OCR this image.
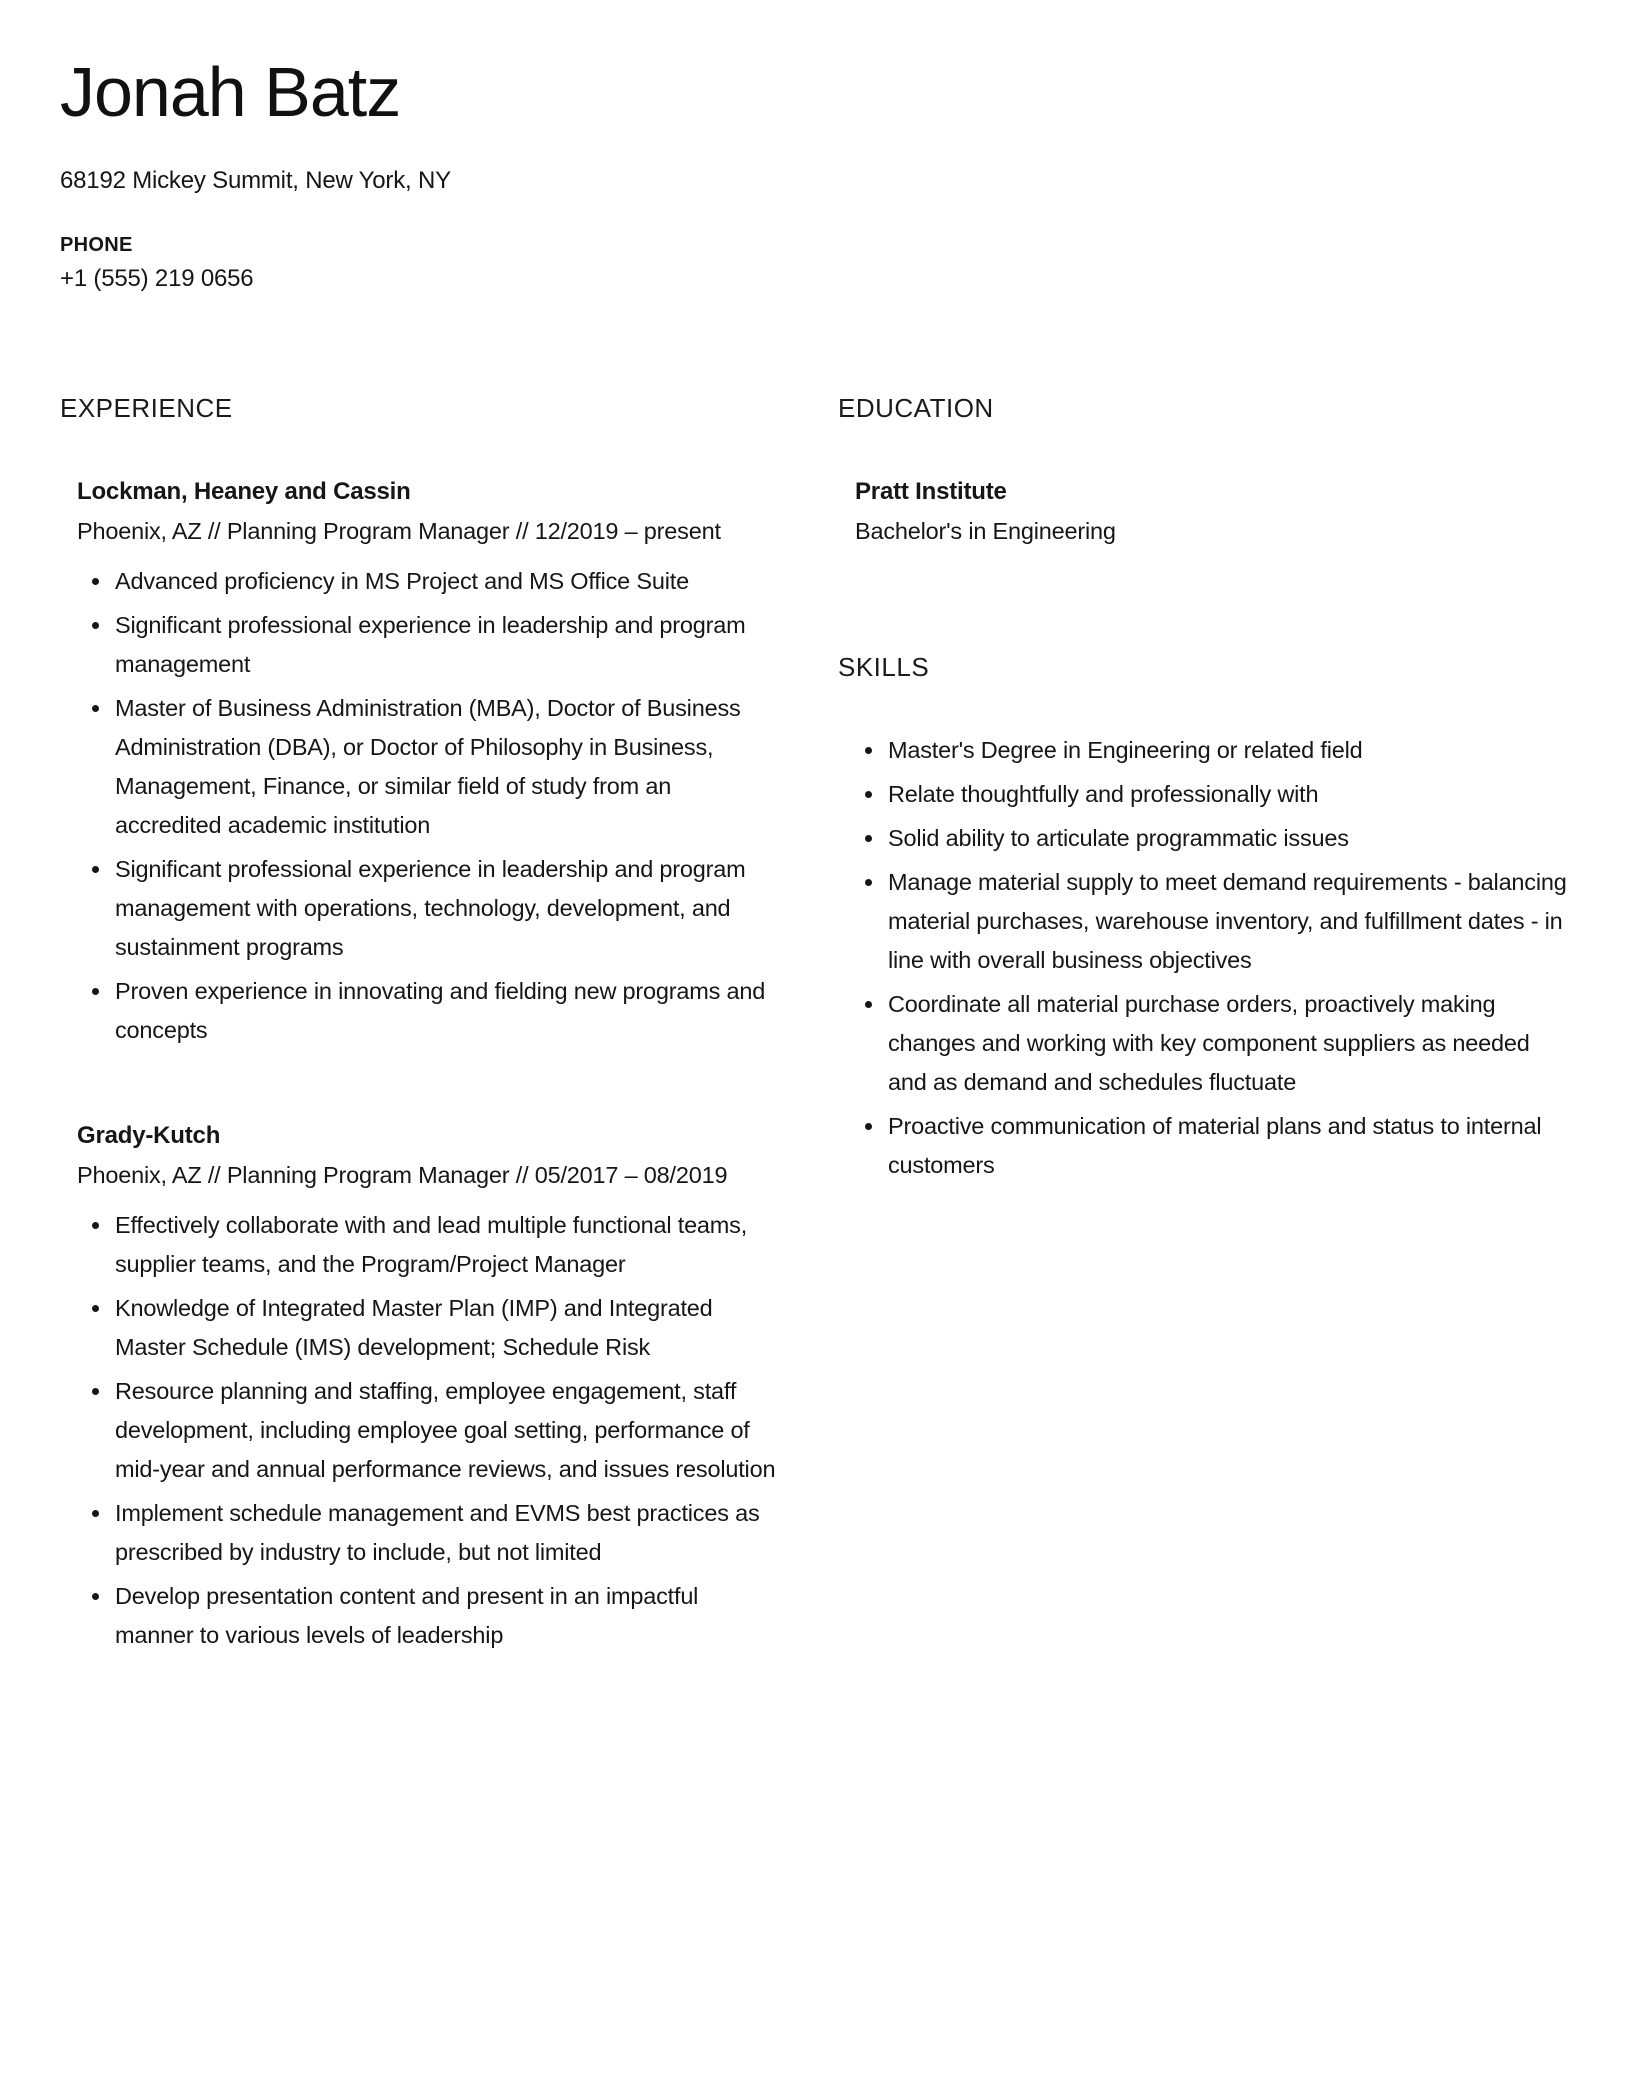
Jonah Batz
68192 Mickey Summit, New York, NY
PHONE
+1 (555) 219 0656
EXPERIENCE
Lockman, Heaney and Cassin
Phoenix, AZ // Planning Program Manager // 12/2019 – present
• Advanced proficiency in MS Project and MS Office Suite
• Significant professional experience in leadership and program management
• Master of Business Administration (MBA), Doctor of Business Administration (DBA), or Doctor of Philosophy in Business, Management, Finance, or similar field of study from an accredited academic institution
• Significant professional experience in leadership and program management with operations, technology, development, and sustainment programs
• Proven experience in innovating and fielding new programs and concepts
Grady-Kutch
Phoenix, AZ // Planning Program Manager // 05/2017 – 08/2019
• Effectively collaborate with and lead multiple functional teams, supplier teams, and the Program/Project Manager
• Knowledge of Integrated Master Plan (IMP) and Integrated Master Schedule (IMS) development; Schedule Risk
• Resource planning and staffing, employee engagement, staff development, including employee goal setting, performance of mid-year and annual performance reviews, and issues resolution
• Implement schedule management and EVMS best practices as prescribed by industry to include, but not limited
• Develop presentation content and present in an impactful manner to various levels of leadership
EDUCATION
Pratt Institute
Bachelor's in Engineering
SKILLS
• Master's Degree in Engineering or related field
• Relate thoughtfully and professionally with
• Solid ability to articulate programmatic issues
• Manage material supply to meet demand requirements - balancing material purchases, warehouse inventory, and fulfillment dates - in line with overall business objectives
• Coordinate all material purchase orders, proactively making changes and working with key component suppliers as needed and as demand and schedules fluctuate
• Proactive communication of material plans and status to internal customers
